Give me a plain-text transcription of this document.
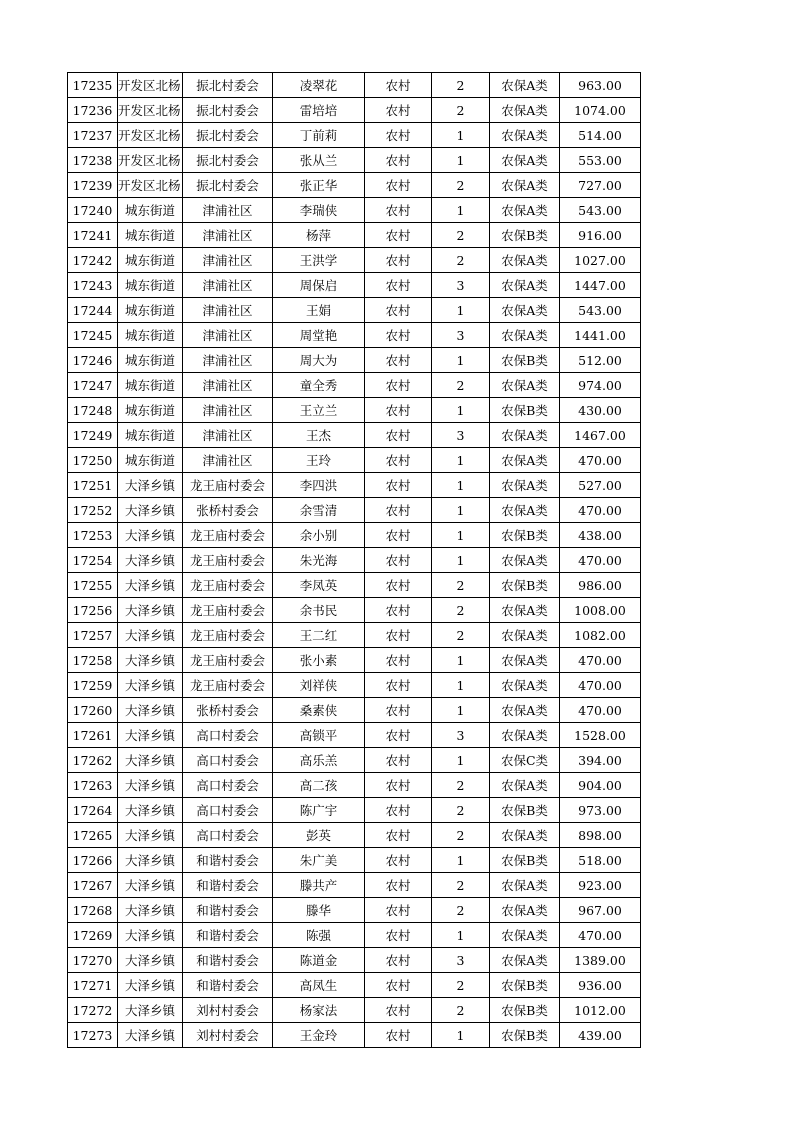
17235	开发区北杨	振北村委会	凌翠花	农村	2	农保A类	963.00
17236	开发区北杨	振北村委会	雷培培	农村	2	农保A类	1074.00
17237	开发区北杨	振北村委会	丁前莉	农村	1	农保A类	514.00
17238	开发区北杨	振北村委会	张从兰	农村	1	农保A类	553.00
17239	开发区北杨	振北村委会	张正华	农村	2	农保A类	727.00
17240	城东街道	津浦社区	李瑞侠	农村	1	农保A类	543.00
17241	城东街道	津浦社区	杨萍	农村	2	农保B类	916.00
17242	城东街道	津浦社区	王洪学	农村	2	农保A类	1027.00
17243	城东街道	津浦社区	周保启	农村	3	农保A类	1447.00
17244	城东街道	津浦社区	王娟	农村	1	农保A类	543.00
17245	城东街道	津浦社区	周堂艳	农村	3	农保A类	1441.00
17246	城东街道	津浦社区	周大为	农村	1	农保B类	512.00
17247	城东街道	津浦社区	童全秀	农村	2	农保A类	974.00
17248	城东街道	津浦社区	王立兰	农村	1	农保B类	430.00
17249	城东街道	津浦社区	王杰	农村	3	农保A类	1467.00
17250	城东街道	津浦社区	王玲	农村	1	农保A类	470.00
17251	大泽乡镇	龙王庙村委会	李四洪	农村	1	农保A类	527.00
17252	大泽乡镇	张桥村委会	余雪清	农村	1	农保A类	470.00
17253	大泽乡镇	龙王庙村委会	余小别	农村	1	农保B类	438.00
17254	大泽乡镇	龙王庙村委会	朱光海	农村	1	农保A类	470.00
17255	大泽乡镇	龙王庙村委会	李凤英	农村	2	农保B类	986.00
17256	大泽乡镇	龙王庙村委会	余书民	农村	2	农保A类	1008.00
17257	大泽乡镇	龙王庙村委会	王二红	农村	2	农保A类	1082.00
17258	大泽乡镇	龙王庙村委会	张小素	农村	1	农保A类	470.00
17259	大泽乡镇	龙王庙村委会	刘祥侠	农村	1	农保A类	470.00
17260	大泽乡镇	张桥村委会	桑素侠	农村	1	农保A类	470.00
17261	大泽乡镇	高口村委会	高锁平	农村	3	农保A类	1528.00
17262	大泽乡镇	高口村委会	高乐羔	农村	1	农保C类	394.00
17263	大泽乡镇	高口村委会	高二孩	农村	2	农保A类	904.00
17264	大泽乡镇	高口村委会	陈广宇	农村	2	农保B类	973.00
17265	大泽乡镇	高口村委会	彭英	农村	2	农保A类	898.00
17266	大泽乡镇	和谐村委会	朱广美	农村	1	农保B类	518.00
17267	大泽乡镇	和谐村委会	滕共产	农村	2	农保A类	923.00
17268	大泽乡镇	和谐村委会	滕华	农村	2	农保A类	967.00
17269	大泽乡镇	和谐村委会	陈强	农村	1	农保A类	470.00
17270	大泽乡镇	和谐村委会	陈道金	农村	3	农保A类	1389.00
17271	大泽乡镇	和谐村委会	高凤生	农村	2	农保B类	936.00
17272	大泽乡镇	刘村村委会	杨家法	农村	2	农保B类	1012.00
17273	大泽乡镇	刘村村委会	王金玲	农村	1	农保B类	439.00
